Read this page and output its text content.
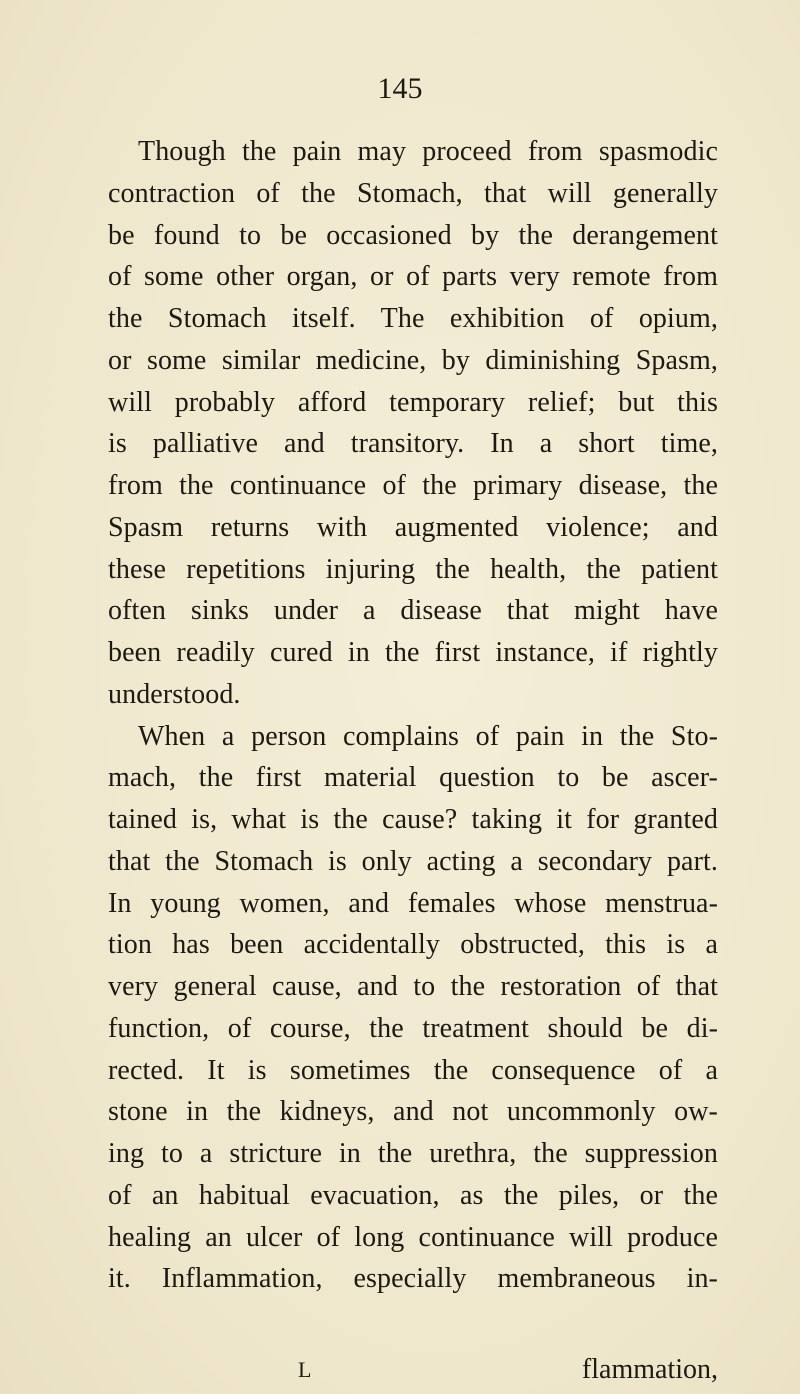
145
Though the pain may proceed from spasmodic
contraction of the Stomach, that will generally
be found to be occasioned by the derangement
of some other organ, or of parts very remote from
the Stomach itself. The exhibition of opium,
or some similar medicine, by diminishing Spasm,
will probably afford temporary relief; but this
is palliative and transitory. In a short time,
from the continuance of the primary disease, the
Spasm returns with augmented violence; and
these repetitions injuring the health, the patient
often sinks under a disease that might have
been readily cured in the first instance, if rightly
understood.
When a person complains of pain in the Sto-
mach, the first material question to be ascer-
tained is, what is the cause? taking it for granted
that the Stomach is only acting a secondary part.
In young women, and females whose menstrua-
tion has been accidentally obstructed, this is a
very general cause, and to the restoration of that
function, of course, the treatment should be di-
rected. It is sometimes the consequence of a
stone in the kidneys, and not uncommonly ow-
ing to a stricture in the urethra, the suppression
of an habitual evacuation, as the piles, or the
healing an ulcer of long continuance will produce
it. Inflammation, especially membraneous in-
L	flammation,
